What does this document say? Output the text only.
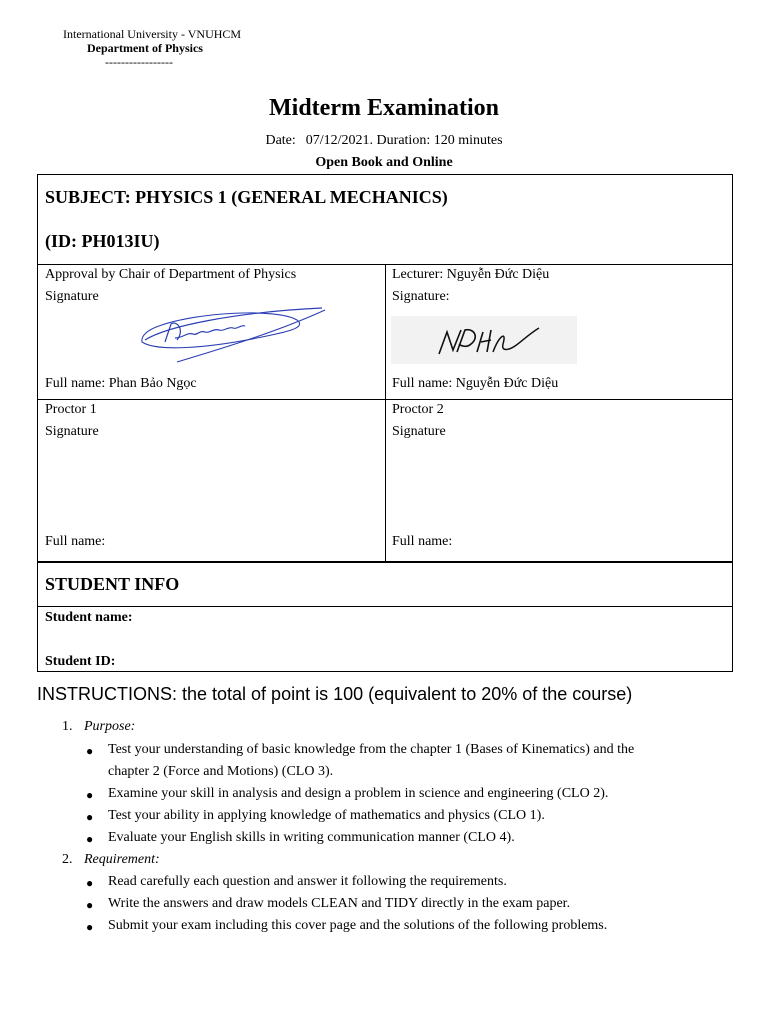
International University - VNUHCM
Department of Physics
-----------------
Midterm Examination
Date: 07/12/2021. Duration: 120 minutes
Open Book and Online
SUBJECT: PHYSICS 1 (GENERAL MECHANICS)
(ID: PH013IU)
Approval by Chair of Department of Physics
Signature
Full name: Phan Bảo Ngọc
Lecturer: Nguyễn Đức Diệu
Signature:
Full name: Nguyễn Đức Diệu
Proctor 1
Signature
Full name:
Proctor 2
Signature
Full name:
STUDENT INFO
Student name:
Student ID:
INSTRUCTIONS: the total of point is 100 (equivalent to 20% of the course)
1. Purpose:
● Test your understanding of basic knowledge from the chapter 1 (Bases of Kinematics) and the
chapter 2 (Force and Motions) (CLO 3).
● Examine your skill in analysis and design a problem in science and engineering (CLO 2).
● Test your ability in applying knowledge of mathematics and physics (CLO 1).
● Evaluate your English skills in writing communication manner (CLO 4).
2. Requirement:
● Read carefully each question and answer it following the requirements.
● Write the answers and draw models CLEAN and TIDY directly in the exam paper.
● Submit your exam including this cover page and the solutions of the following problems.
